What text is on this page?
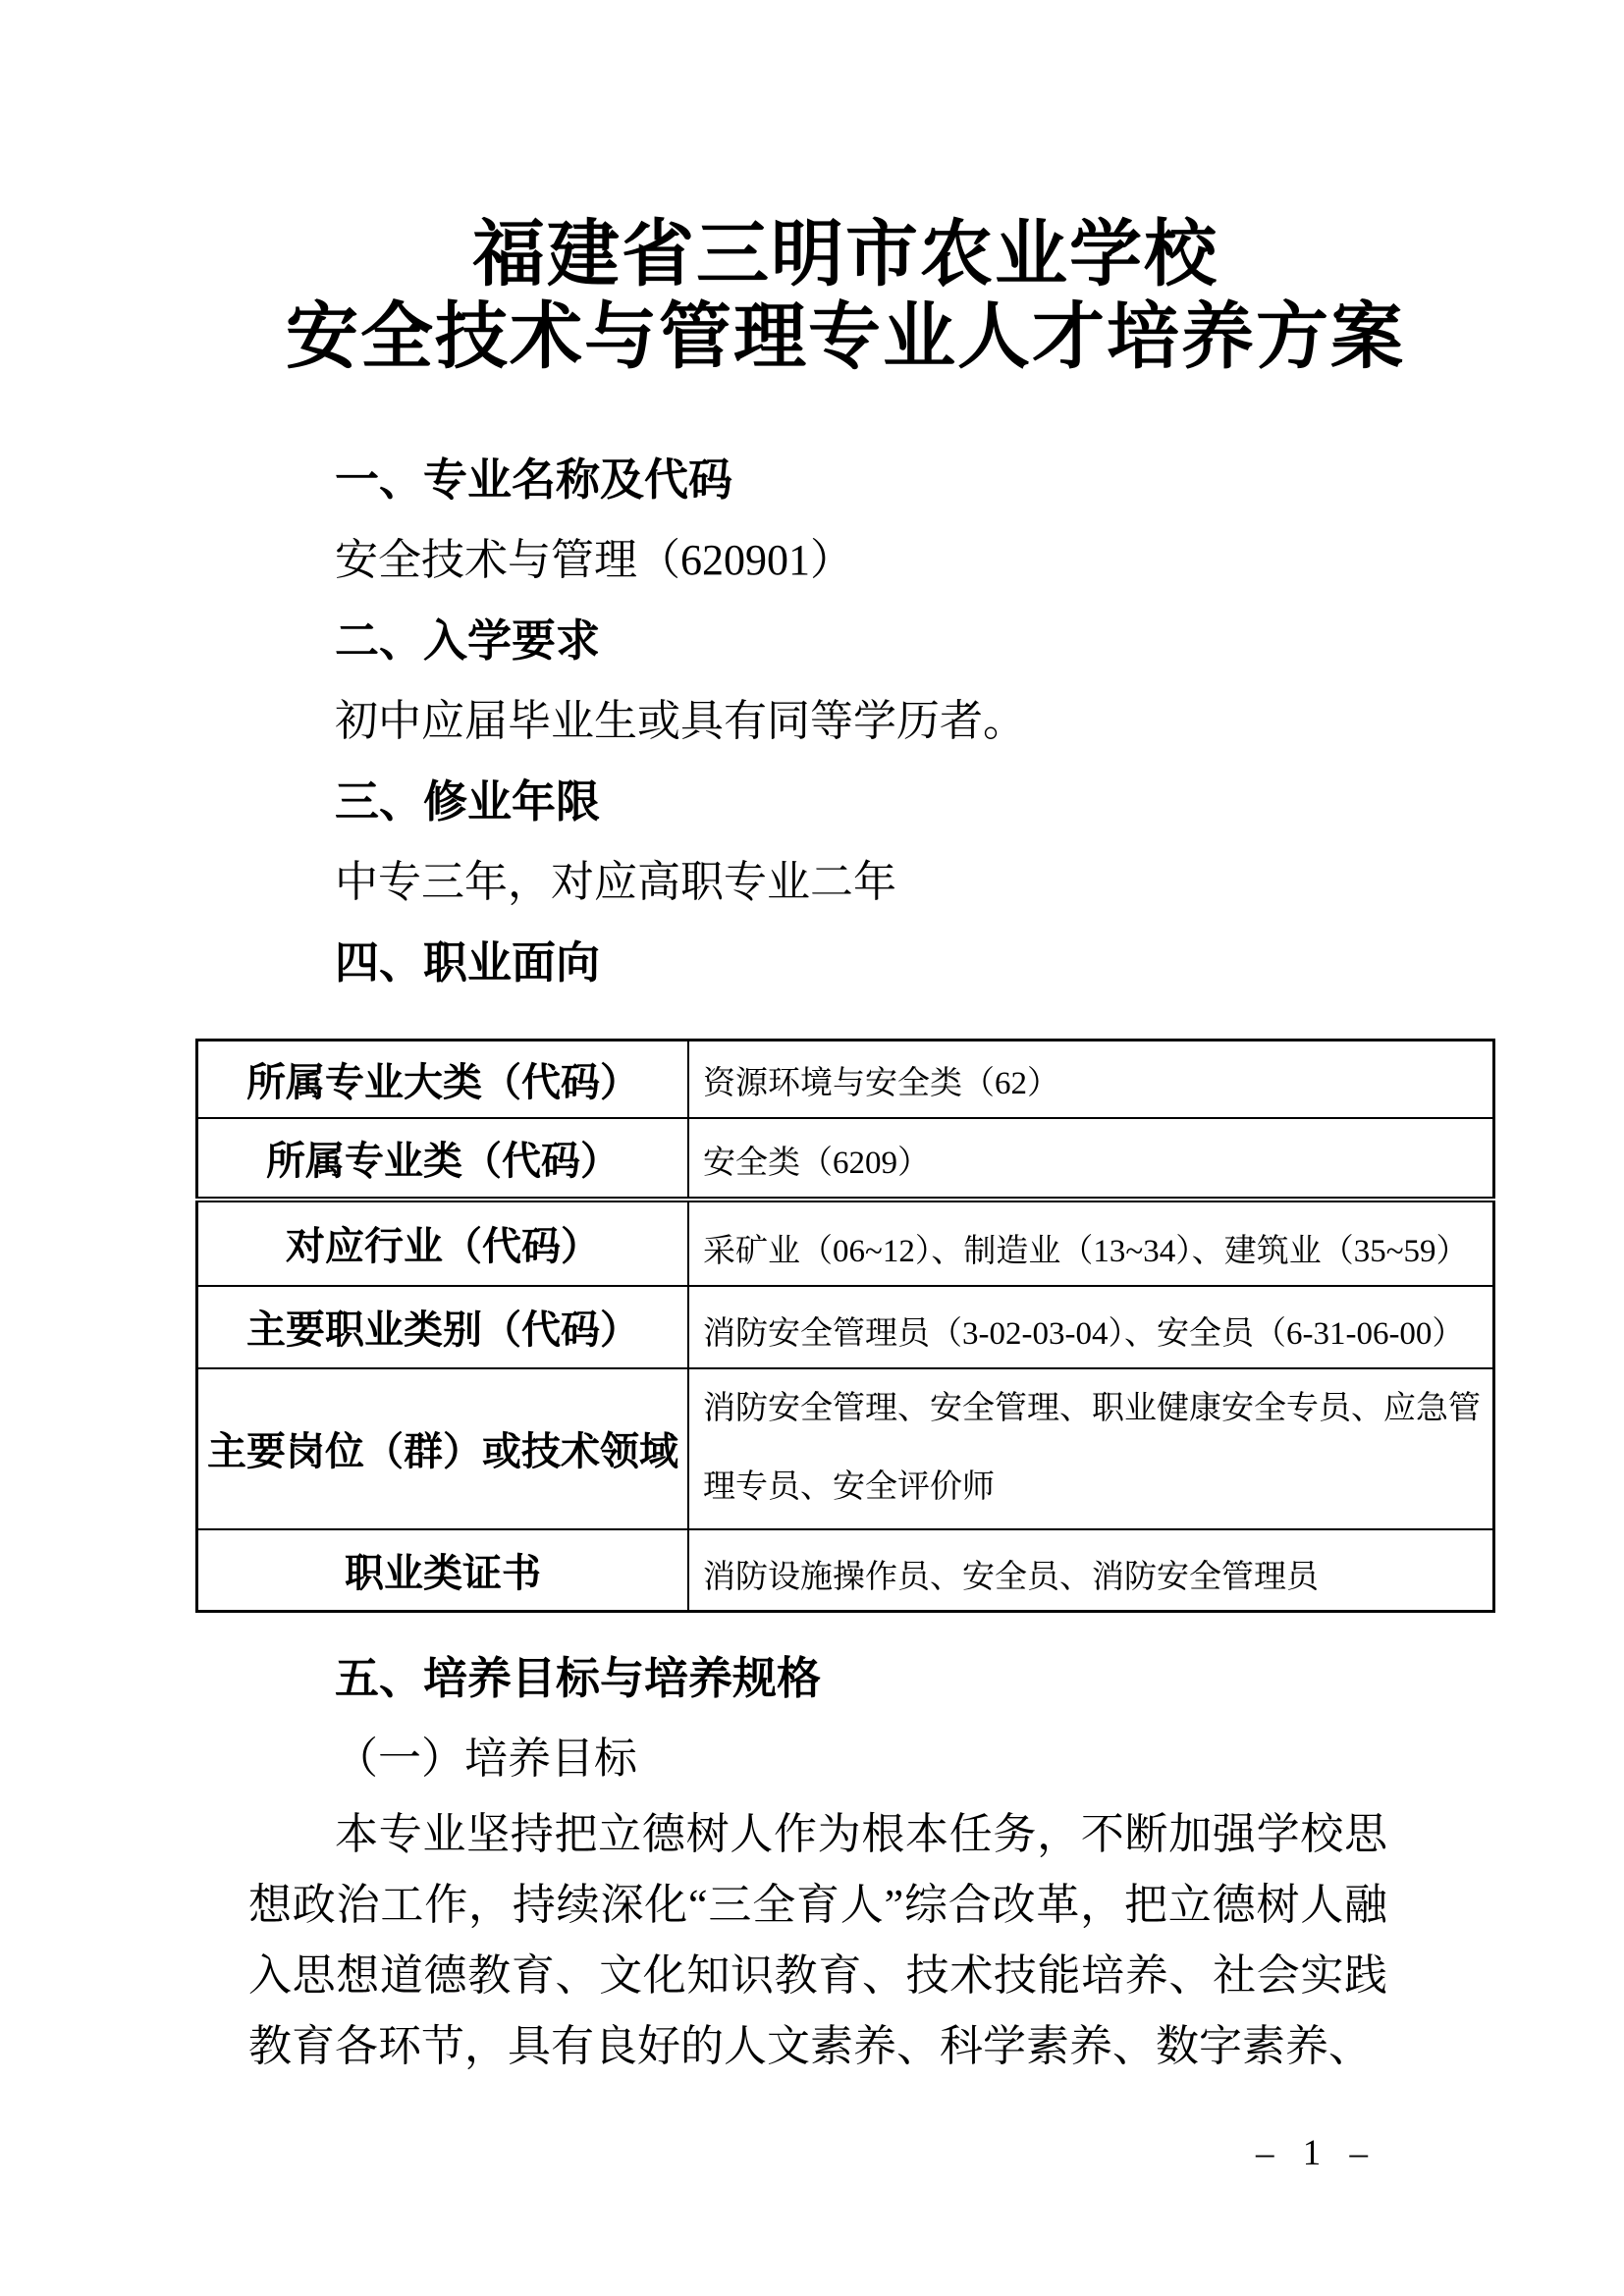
福建省三明市农业学校
安全技术与管理专业人才培养方案
一、专业名称及代码
安全技术与管理（620901）
二、入学要求
初中应届毕业生或具有同等学历者。
三、修业年限
中专三年，对应高职专业二年
四、职业面向
所属专业大类（代码）	资源环境与安全类（62）
所属专业类（代码）	安全类（6209）
对应行业（代码）	采矿业（06~12）、制造业（13~34）、建筑业（35~59）
主要职业类别（代码）	消防安全管理员（3-02-03-04）、安全员（6-31-06-00）
主要岗位（群）或技术领域	消防安全管理、安全管理、职业健康安全专员、应急管理专员、安全评价师
职业类证书	消防设施操作员、安全员、消防安全管理员
五、培养目标与培养规格
（一）培养目标
本专业坚持把立德树人作为根本任务，不断加强学校思想政治工作，持续深化“三全育人”综合改革，把立德树人融入思想道德教育、文化知识教育、技术技能培养、社会实践教育各环节，具有良好的人文素养、科学素养、数字素养、
– 1 –
